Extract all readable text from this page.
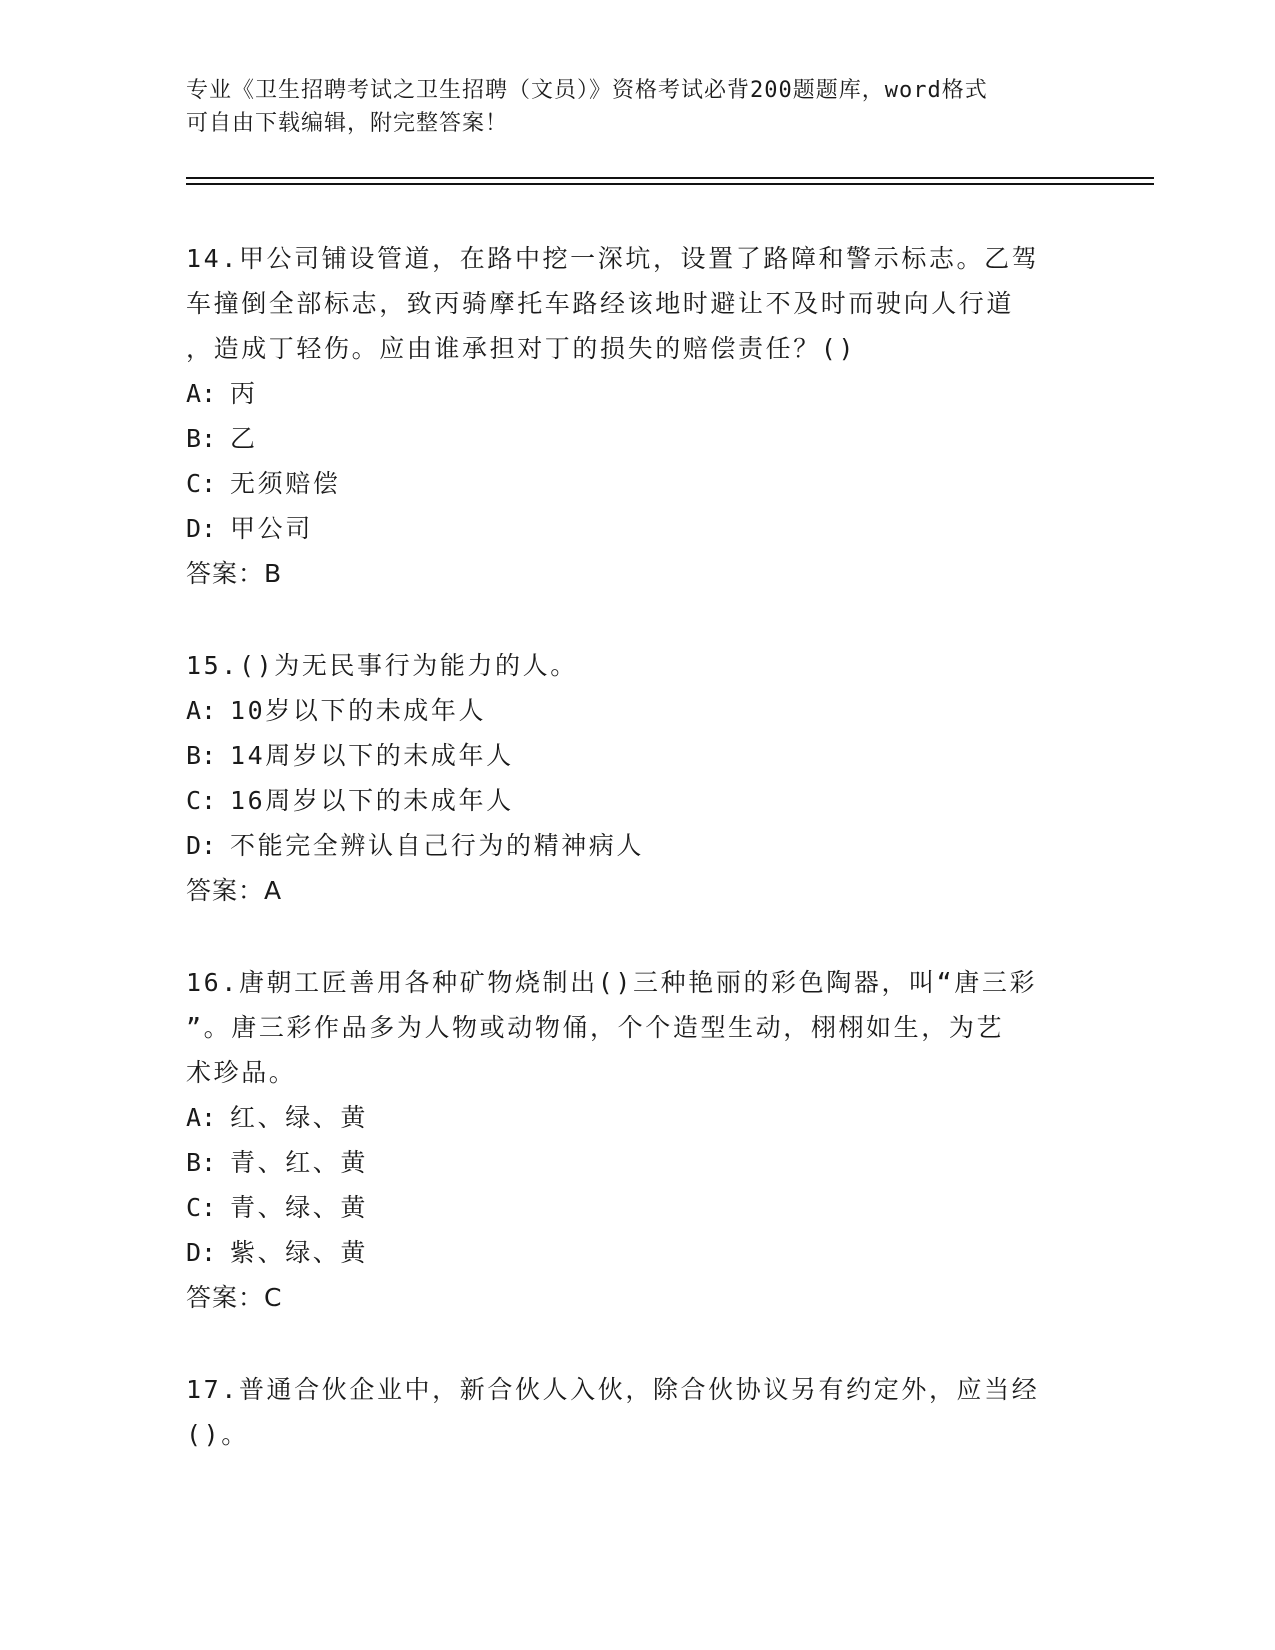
专业《卫生招聘考试之卫生招聘（文员）》资格考试必背200题题库，word格式
可自由下载编辑，附完整答案！
14.甲公司铺设管道，在路中挖一深坑，设置了路障和警示标志。乙驾
车撞倒全部标志，致丙骑摩托车路经该地时避让不及时而驶向人行道
，造成丁轻伤。应由谁承担对丁的损失的赔偿责任？()
A: 丙
B: 乙
C: 无须赔偿
D: 甲公司
答案：B
15.()为无民事行为能力的人。
A: 10岁以下的未成年人
B: 14周岁以下的未成年人
C: 16周岁以下的未成年人
D: 不能完全辨认自己行为的精神病人
答案：A
16.唐朝工匠善用各种矿物烧制出()三种艳丽的彩色陶器，叫“唐三彩
”。唐三彩作品多为人物或动物俑，个个造型生动，栩栩如生，为艺
术珍品。
A: 红、绿、黄
B: 青、红、黄
C: 青、绿、黄
D: 紫、绿、黄
答案：C
17.普通合伙企业中，新合伙人入伙，除合伙协议另有约定外，应当经
()。
